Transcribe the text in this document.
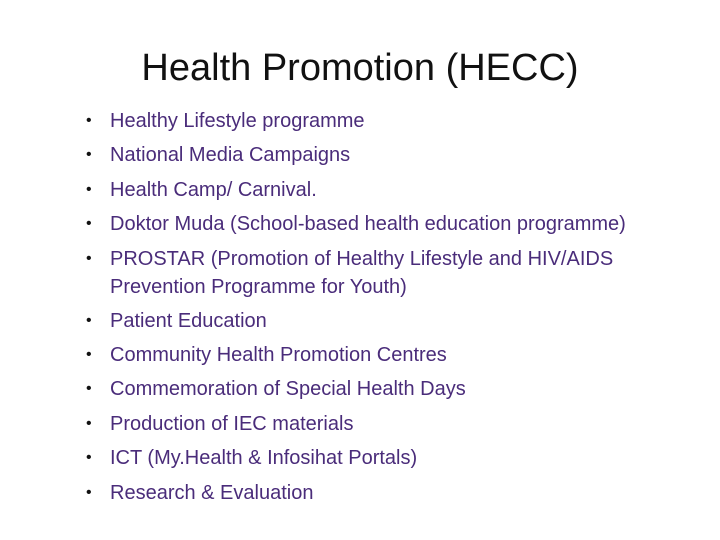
Health Promotion (HECC)
• Healthy Lifestyle programme
• National Media Campaigns
• Health Camp/ Carnival.
• Doktor Muda (School-based health education programme)
• PROSTAR (Promotion of Healthy Lifestyle and HIV/AIDS Prevention Programme for Youth)
• Patient Education
• Community Health Promotion Centres
• Commemoration of Special Health Days
• Production of IEC materials
• ICT (My.Health & Infosihat Portals)
• Research & Evaluation
